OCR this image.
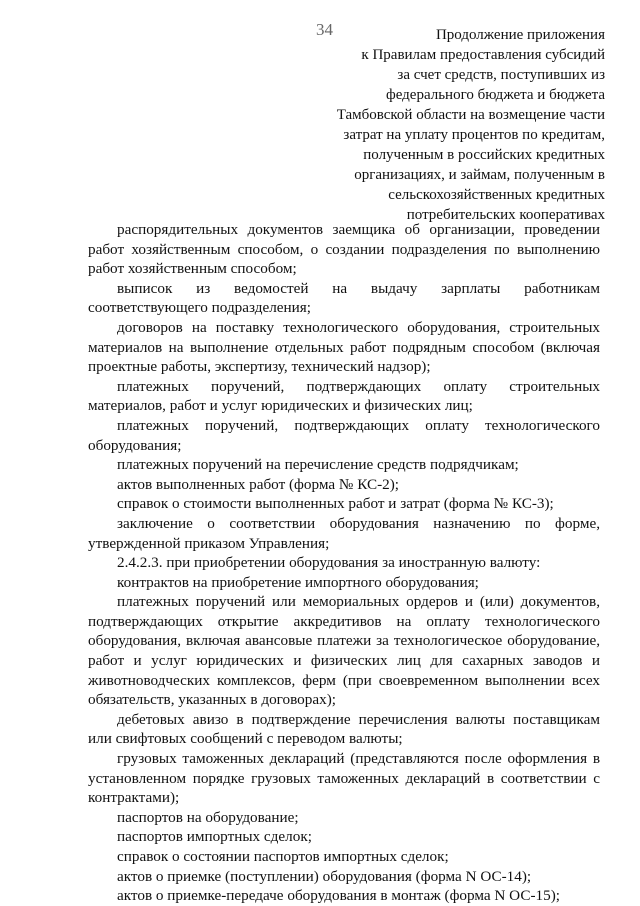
34	Продолжение приложения
к Правилам предоставления субсидий
за счет средств, поступивших из
федерального бюджета и бюджета
Тамбовской области на возмещение части
затрат на уплату процентов по кредитам,
полученным в российских кредитных
организациях, и займам, полученным в
сельскохозяйственных кредитных
потребительских кооперативах

распорядительных документов заемщика об организации, проведении работ хозяйственным способом, о создании подразделения по выполнению работ хозяйственным способом;

выписок из ведомостей на выдачу зарплаты работникам соответствующего подразделения;

договоров на поставку технологического оборудования, строительных материалов на выполнение отдельных работ подрядным способом (включая проектные работы, экспертизу, технический надзор);

платежных поручений, подтверждающих оплату строительных материалов, работ и услуг юридических и физических лиц;

платежных поручений, подтверждающих оплату технологического оборудования;

платежных поручений на перечисление средств подрядчикам;

актов выполненных работ (форма № КС-2);

справок о стоимости выполненных работ и затрат (форма № КС-3);

заключение о соответствии оборудования назначению по форме, утвержденной приказом Управления;

2.4.2.3. при приобретении оборудования за иностранную валюту:

контрактов на приобретение импортного оборудования;

платежных поручений или мемориальных ордеров и (или) документов, подтверждающих открытие аккредитивов на оплату технологического оборудования, включая авансовые платежи за технологическое оборудование, работ и услуг юридических и физических лиц для сахарных заводов и животноводческих комплексов, ферм (при своевременном выполнении всех обязательств, указанных в договорах);

дебетовых авизо в подтверждение перечисления валюты поставщикам или свифтовых сообщений с переводом валюты;

грузовых таможенных деклараций (представляются после оформления в установленном порядке грузовых таможенных деклараций в соответствии с контрактами);

паспортов на оборудование;

паспортов импортных сделок;

справок о состоянии паспортов импортных сделок;

актов о приемке (поступлении) оборудования (форма N ОС-14);

актов о приемке-передаче оборудования в монтаж (форма N ОС-15);
